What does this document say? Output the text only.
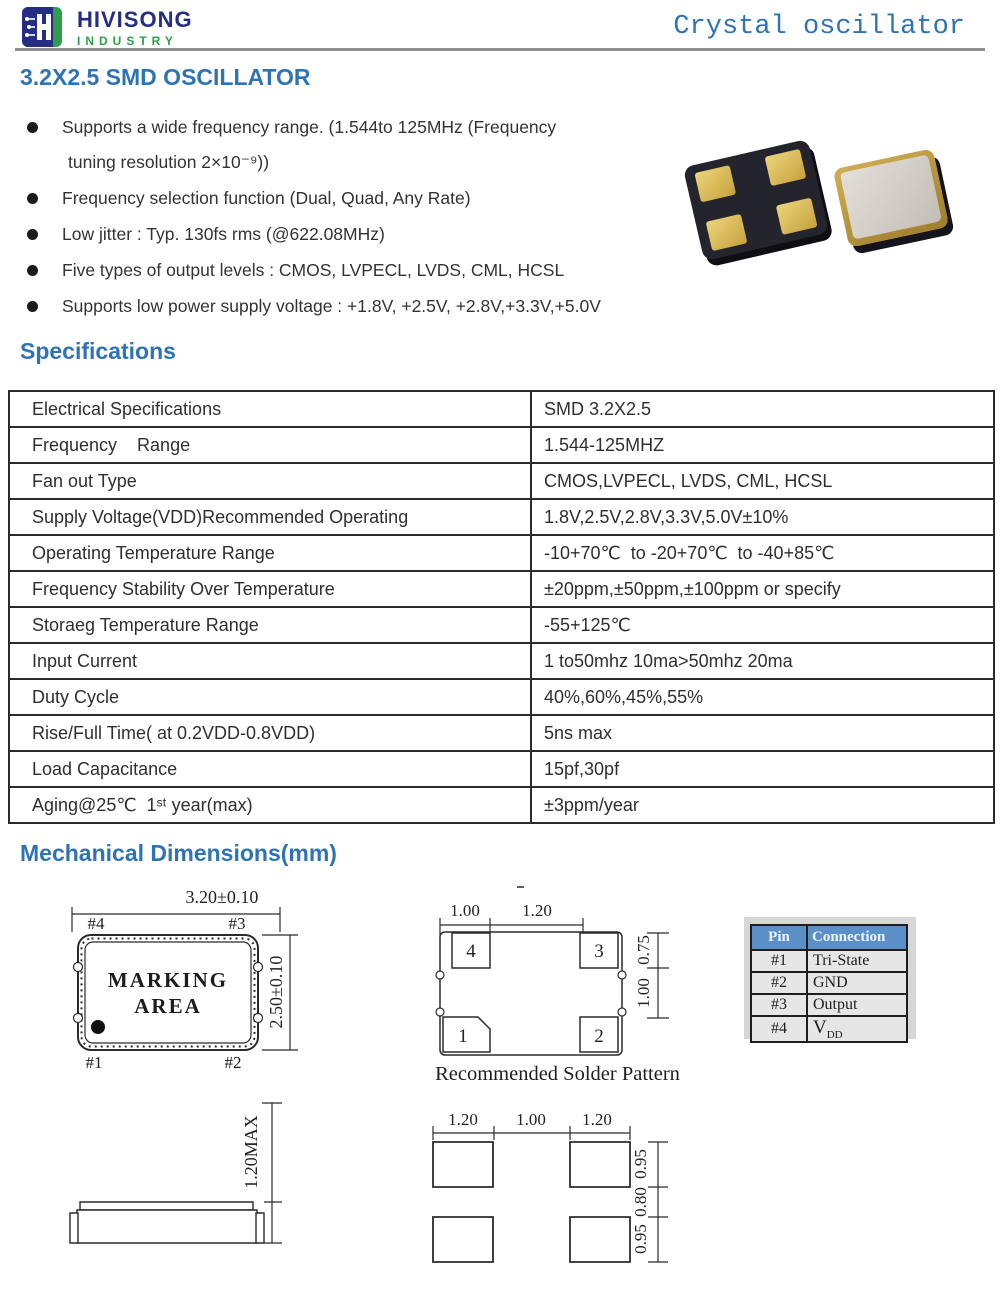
HIVISONG
INDUSTRY	Crystal oscillator
3.2X2.5 SMD OSCILLATOR
Supports a wide frequency range. (1.544to 125MHz (Frequency
tuning resolution 2×10⁻⁹))
Frequency selection function (Dual, Quad, Any Rate)
Low jitter : Typ. 130fs rms (@622.08MHz)
Five types of output levels : CMOS, LVPECL, LVDS, CML, HCSL
Supports low power supply voltage : +1.8V, +2.5V, +2.8V,+3.3V,+5.0V
Specifications
Electrical Specifications	SMD 3.2X2.5
Frequency    Range	1.544-125MHZ
Fan out Type	CMOS,LVPECL, LVDS, CML, HCSL
Supply Voltage(VDD)Recommended Operating	1.8V,2.5V,2.8V,3.3V,5.0V±10%
Operating Temperature Range	-10+70℃  to -20+70℃  to -40+85℃
Frequency Stability Over Temperature	±20ppm,±50ppm,±100ppm or specify
Storaeg Temperature Range	-55+125℃
Input Current	1 to50mhz 10ma>50mhz 20ma
Duty Cycle	40%,60%,45%,55%
Rise/Full Time( at 0.2VDD-0.8VDD)	5ns max
Load Capacitance	15pf,30pf
Aging@25℃  1ˢᵗ year(max)	±3ppm/year
Mechanical Dimensions(mm)
3.20±0.10
#4	#3
MARKING
AREA
#1	#2
2.50±0.10
1.00 1.20
4	3
1	2
0.75
1.00
Recommended Solder Pattern
Pin	Connection
#1	Tri-State
#2	GND
#3	Output
#4	$V_{DD}$
1.20MAX	1.20 1.00 1.20
0.95
0.80
0.95
